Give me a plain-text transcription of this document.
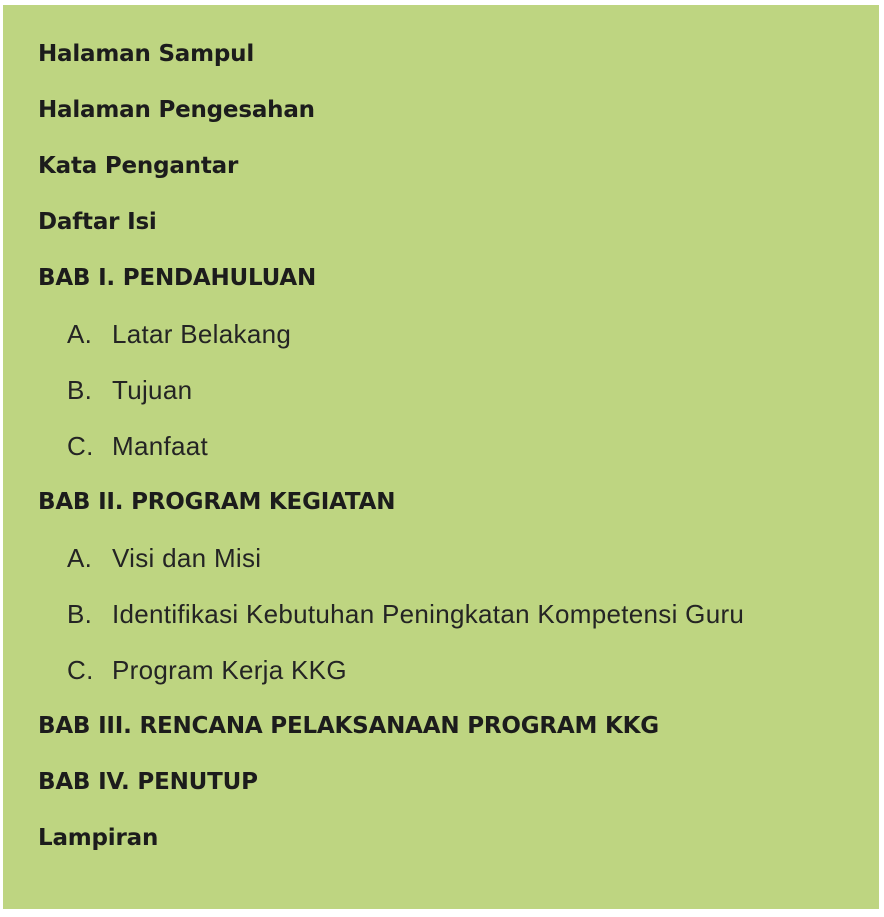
Halaman Sampul
Halaman Pengesahan
Kata Pengantar
Daftar Isi
BAB I. PENDAHULUAN
A. Latar Belakang
B. Tujuan
C. Manfaat
BAB II. PROGRAM KEGIATAN
A. Visi dan Misi
B. Identifikasi Kebutuhan Peningkatan Kompetensi Guru
C. Program Kerja KKG
BAB III. RENCANA PELAKSANAAN PROGRAM KKG
BAB IV. PENUTUP
Lampiran
